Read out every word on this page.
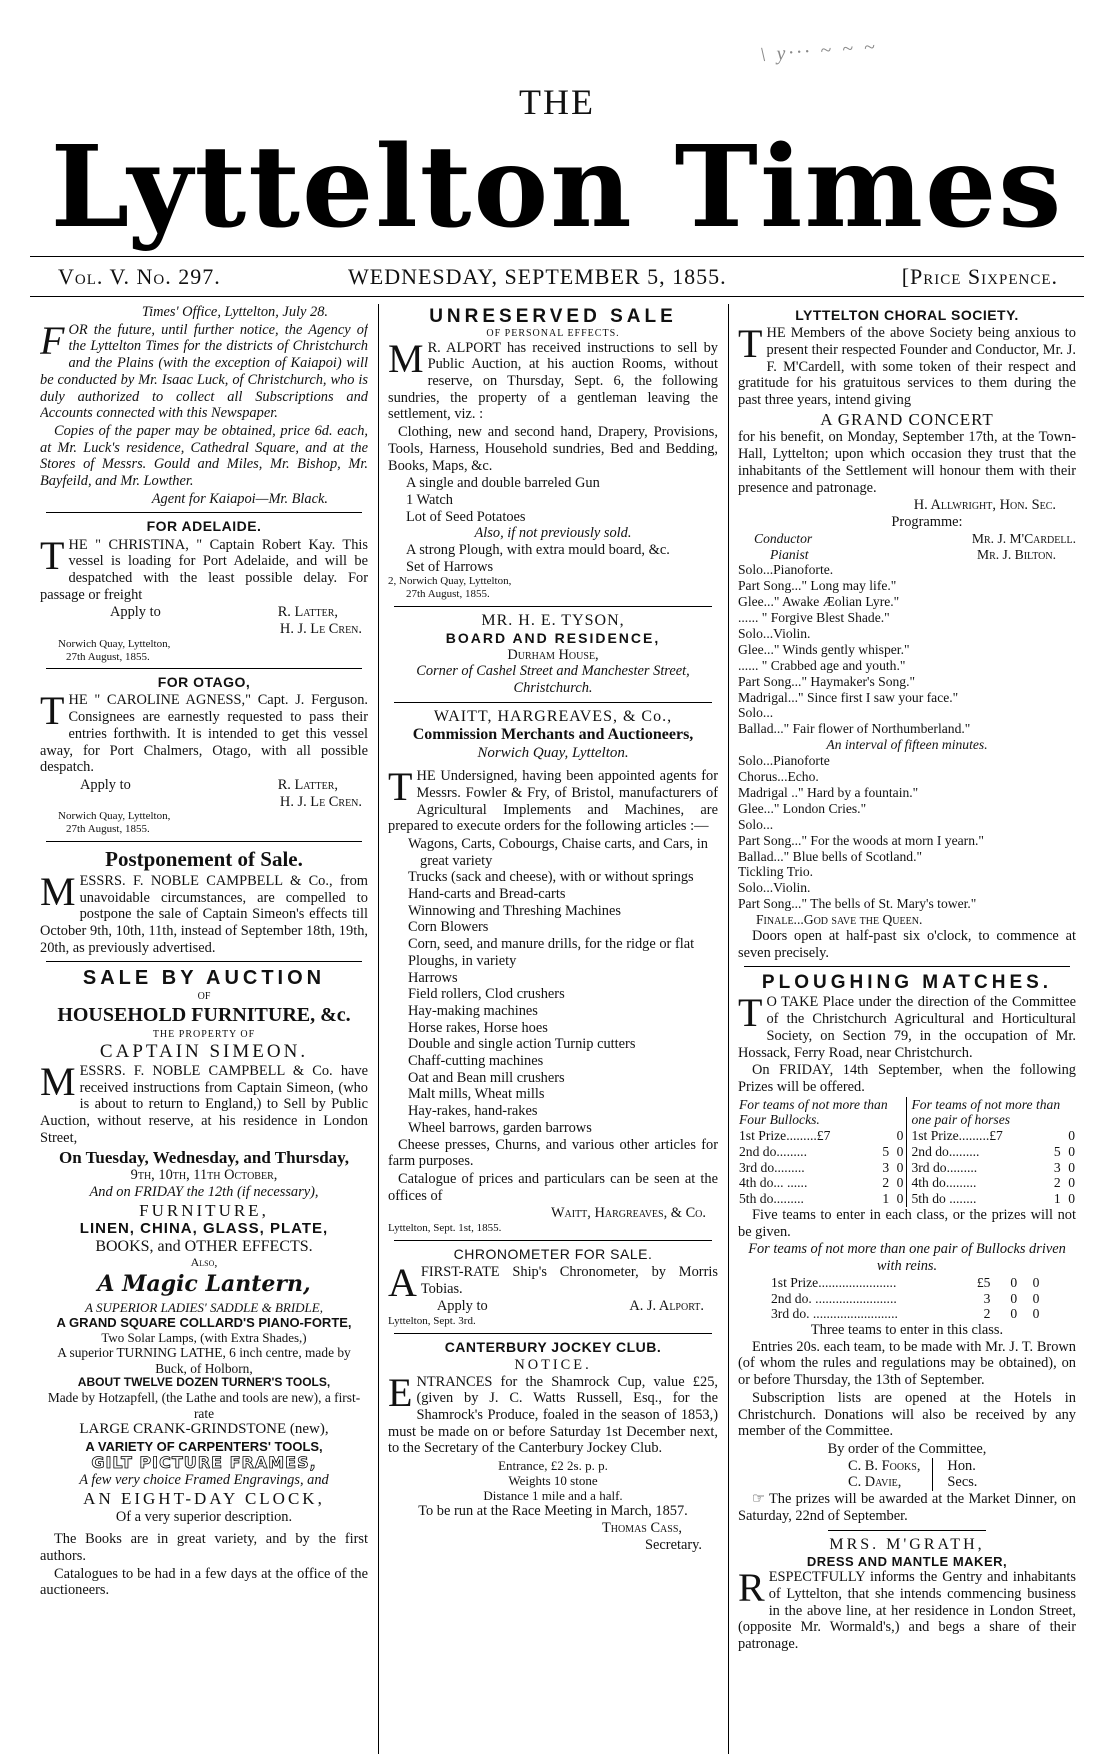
\ y··· ~ ~ ~
THE
Lyttelton Times
Vol. V. No. 297.	WEDNESDAY, SEPTEMBER 5, 1855.	[Price Sixpence.

Times' Office, Lyttelton, July 28.

FOR the future, until further notice, the Agency of the Lyttelton Times for the districts of Christchurch and the Plains (with the exception of Kaiapoi) will be conducted by Mr. Isaac Luck, of Christchurch, who is duly authorized to collect all Subscriptions and Accounts connected with this Newspaper.

Copies of the paper may be obtained, price 6d. each, at Mr. Luck's residence, Cathedral Square, and at the Stores of Messrs. Gould and Miles, Mr. Bishop, Mr. Bayfeild, and Mr. Lowther.

Agent for Kaiapoi—Mr. Black.

FOR ADELAIDE.

THE " CHRISTINA, " Captain Robert Kay. This vessel is loading for Port Adelaide, and will be despatched with the least possible delay. For passage or freight

Apply to	R. Latter,
H. J. Le Cren.
Norwich Quay, Lyttelton,
27th August, 1855.
FOR OTAGO,

THE " CAROLINE AGNESS," Capt. J. Ferguson. Consignees are earnestly requested to pass their entries forthwith. It is intended to get this vessel away, for Port Chalmers, Otago, with all possible despatch.

Apply to	R. Latter,
H. J. Le Cren.
Norwich Quay, Lyttelton,
27th August, 1855.
Postponement of Sale.

MESSRS. F. NOBLE CAMPBELL & Co., from unavoidable circumstances, are compelled to postpone the sale of Captain Simeon's effects till October 9th, 10th, 11th, instead of September 18th, 19th, 20th, as previously advertised.

SALE BY AUCTION
OF
HOUSEHOLD FURNITURE, &c.
THE PROPERTY OF
CAPTAIN SIMEON.

MESSRS. F. NOBLE CAMPBELL & Co. have received instructions from Captain Simeon, (who is about to return to England,) to Sell by Public Auction, without reserve, at his residence in London Street,

On Tuesday, Wednesday, and Thursday,
9th, 10th, 11th October,
And on FRIDAY the 12th (if necessary),
FURNITURE,
LINEN, CHINA, GLASS, PLATE,
BOOKS, and OTHER EFFECTS.
Also,
A Magic Lantern,
A SUPERIOR LADIES' SADDLE & BRIDLE,
A GRAND SQUARE COLLARD'S PIANO-FORTE,
Two Solar Lamps, (with Extra Shades,)
A superior TURNING LATHE, 6 inch centre, made by Buck, of Holborn,
ABOUT TWELVE DOZEN TURNER'S TOOLS,
Made by Hotzapfell, (the Lathe and tools are new), a first-rate
LARGE CRANK-GRINDSTONE (new),
A VARIETY OF CARPENTERS' TOOLS,
GILT PICTURE FRAMES,
A few very choice Framed Engravings, and
AN EIGHT-DAY CLOCK,
Of a very superior description.

The Books are in great variety, and by the first authors.

Catalogues to be had in a few days at the office of the auctioneers.

UNRESERVED SALE
OF PERSONAL EFFECTS.

MR. ALPORT has received instructions to sell by Public Auction, at his auction Rooms, without reserve, on Thursday, Sept. 6, the following sundries, the property of a gentleman leaving the settlement, viz. :

Clothing, new and second hand, Drapery, Provisions, Tools, Harness, Household sundries, Bed and Bedding, Books, Maps, &c.

A single and double barreled Gun
1 Watch
Lot of Seed Potatoes
Also, if not previously sold.
A strong Plough, with extra mould board, &c.
Set of Harrows
2, Norwich Quay, Lyttelton,
27th August, 1855.
MR. H. E. TYSON,
BOARD AND RESIDENCE,
Durham House,
Corner of Cashel Street and Manchester Street, Christchurch.
WAITT, HARGREAVES, & Co.,
Commission Merchants and Auctioneers,
Norwich Quay, Lyttelton.

THE Undersigned, having been appointed agents for Messrs. Fowler & Fry, of Bristol, manufacturers of Agricultural Implements and Machines, are prepared to execute orders for the following articles :—

Wagons, Carts, Cobourgs, Chaise carts, and Cars, in great variety
Trucks (sack and cheese), with or without springs
Hand-carts and Bread-carts
Winnowing and Threshing Machines
Corn Blowers
Corn, seed, and manure drills, for the ridge or flat
Ploughs, in variety
Harrows
Field rollers, Clod crushers
Hay-making machines
Horse rakes, Horse hoes
Double and single action Turnip cutters
Chaff-cutting machines
Oat and Bean mill crushers
Malt mills, Wheat mills
Hay-rakes, hand-rakes
Wheel barrows, garden barrows

Cheese presses, Churns, and various other articles for farm purposes.

Catalogue of prices and particulars can be seen at the offices of

Waitt, Hargreaves, & Co.
Lyttelton, Sept. 1st, 1855.
CHRONOMETER FOR SALE.

AFIRST-RATE Ship's Chronometer, by Morris Tobias.

Apply to	A. J. Alport.
Lyttelton, Sept. 3rd.
CANTERBURY JOCKEY CLUB.
NOTICE.

ENTRANCES for the Shamrock Cup, value £25, (given by J. C. Watts Russell, Esq., for the Shamrock's Produce, foaled in the season of 1853,) must be made on or before Saturday 1st December next, to the Secretary of the Canterbury Jockey Club.

Entrance, £2 2s. p. p.
Weights 10 stone
Distance 1 mile and a half.
To be run at the Race Meeting in March, 1857.
Thomas Cass,
Secretary.
LYTTELTON CHORAL SOCIETY.

THE Members of the above Society being anxious to present their respected Founder and Conductor, Mr. J. F. M'Cardell, with some token of their respect and gratitude for his gratuitous services to them during the past three years, intend giving

A GRAND CONCERT

for his benefit, on Monday, September 17th, at the Town-Hall, Lyttelton; upon which occasion they trust that the inhabitants of the Settlement will honour them with their presence and patronage.

H. Allwright, Hon. Sec.
Programme:
Conductor	Mr. J. M'Cardell.
Pianist	Mr. J. Bilton.
Solo...Pianoforte.
Part Song..." Long may life."
Glee..." Awake Æolian Lyre."
...... " Forgive Blest Shade."
Solo...Violin.
Glee..." Winds gently whisper."
...... " Crabbed age and youth."
Part Song..." Haymaker's Song."
Madrigal..." Since first I saw your face."
Solo...
Ballad..." Fair flower of Northumberland."
An interval of fifteen minutes.
Solo...Pianoforte
Chorus...Echo.
Madrigal .." Hard by a fountain."
Glee..." London Cries."
Solo...
Part Song..." For the woods at morn I yearn."
Ballad..." Blue bells of Scotland."
Tickling Trio.
Solo...Violin.
Part Song..." The bells of St. Mary's tower."
Finale...God save the Queen.

Doors open at half-past six o'clock, to commence at seven precisely.

PLOUGHING MATCHES.

TO TAKE Place under the direction of the Committee of the Christchurch Agricultural and Horticultural Society, on Section 79, in the occupation of Mr. Hossack, Ferry Road, near Christchurch.

On FRIDAY, 14th September, when the following Prizes will be offered.

For teams of not more than Four Bullocks.			For teams of not more than one pair of horses		
1st Prize.........£7		0	1st Prize.........£7		0
2nd do.........	5	0	2nd do.........	5	0
3rd do.........	3	0	3rd do.........	3	0
4th do... ......	2	0	4th do.........	2	0
5th do.........	1	0	5th do ........	1	0

Five teams to enter in each class, or the prizes will not be given.

For teams of not more than one pair of Bullocks driven with reins.
1st Prize.......................	£5	0	0
2nd do. ........................	3	0	0
3rd do. .........................	2	0	0
Three teams to enter in this class.

Entries 20s. each team, to be made with Mr. J. T. Brown (of whom the rules and regulations may be obtained), on or before Thursday, the 13th of September.

Subscription lists are opened at the Hotels in Christchurch. Donations will also be received by any member of the Committee.

By order of the Committee,
C. B. Fooks,
C. Davie,
Hon.
Secs.

☞ The prizes will be awarded at the Market Dinner, on Saturday, 22nd of September.

MRS. M'GRATH,
DRESS AND MANTLE MAKER,

RESPECTFULLY informs the Gentry and inhabitants of Lyttelton, that she intends commencing business in the above line, at her residence in London Street, (opposite Mr. Wormald's,) and begs a share of their patronage.
